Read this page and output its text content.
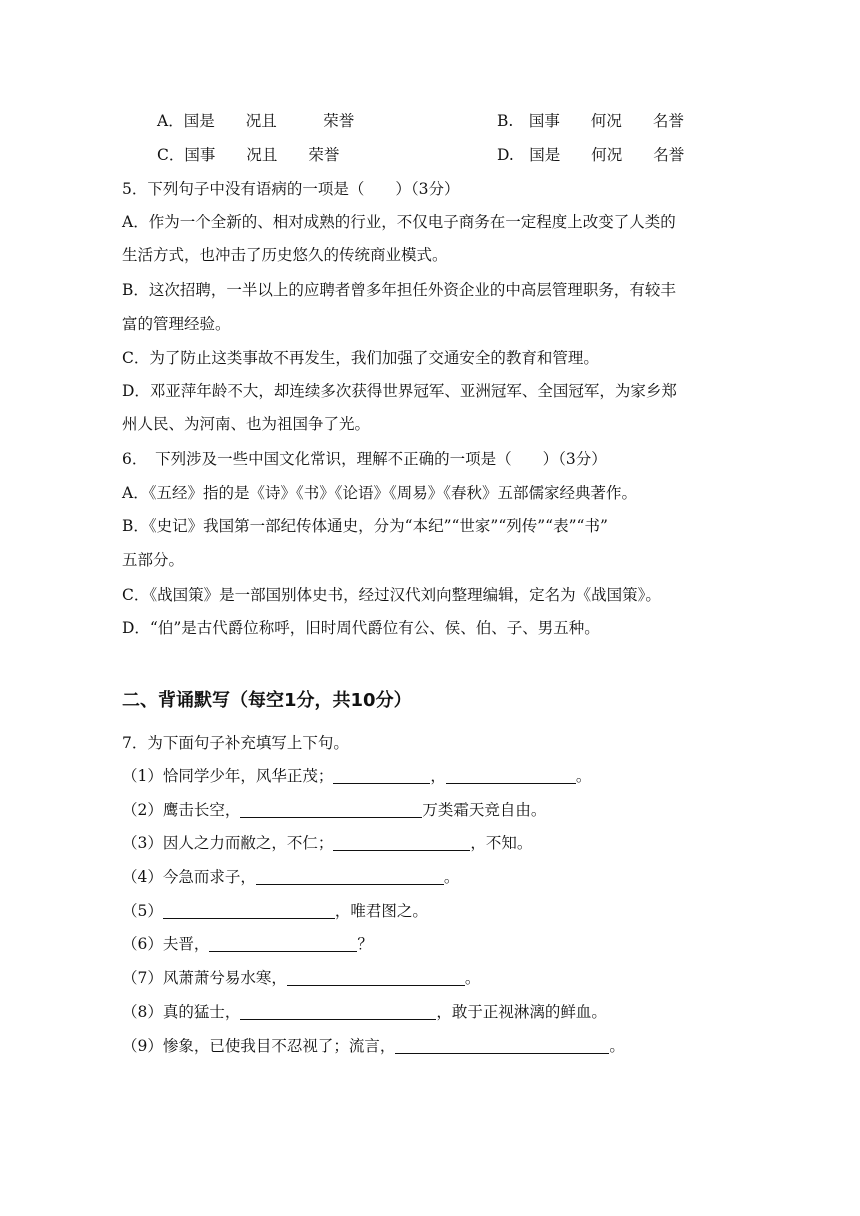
A．国是　　况且　　　荣誉	B.　国事　　何况　　名誉
C．国事　　况且　　荣誉	D.　国是　　何况　　名誉
5．下列句子中没有语病的一项是（　　）（3分）
A．作为一个全新的、相对成熟的行业，不仅电子商务在一定程度上改变了人类的
生活方式，也冲击了历史悠久的传统商业模式。
B．这次招聘，一半以上的应聘者曾多年担任外资企业的中高层管理职务，有较丰
富的管理经验。
C．为了防止这类事故不再发生，我们加强了交通安全的教育和管理。
D．邓亚萍年龄不大，却连续多次获得世界冠军、亚洲冠军、全国冠军，为家乡郑
州人民、为河南、也为祖国争了光。
6．　下列涉及一些中国文化常识，理解不正确的一项是（　　）（3分）
A．《五经》指的是《诗》《书》《论语》《周易》《春秋》五部儒家经典著作。
B．《史记》我国第一部纪传体通史，分为“本纪”“世家”“列传”“表”“书”
五部分。
C．《战国策》是一部国别体史书，经过汉代刘向整理编辑，定名为《战国策》。
D．“伯”是古代爵位称呼，旧时周代爵位有公、侯、伯、子、男五种。
二、背诵默写（每空1分，共10分）
7．为下面句子补充填写上下句。
（1）恰同学少年，风华正茂；	，	。
（2）鹰击长空，	万类霜天竞自由。
（3）因人之力而敝之，不仁；	，不知。
（4）今急而求子，	。
（5）	，唯君图之。
（6）夫晋，	？
（7）风萧萧兮易水寒，	。
（8）真的猛士，	，敢于正视淋漓的鲜血。
（9）惨象，已使我目不忍视了；流言，	。
